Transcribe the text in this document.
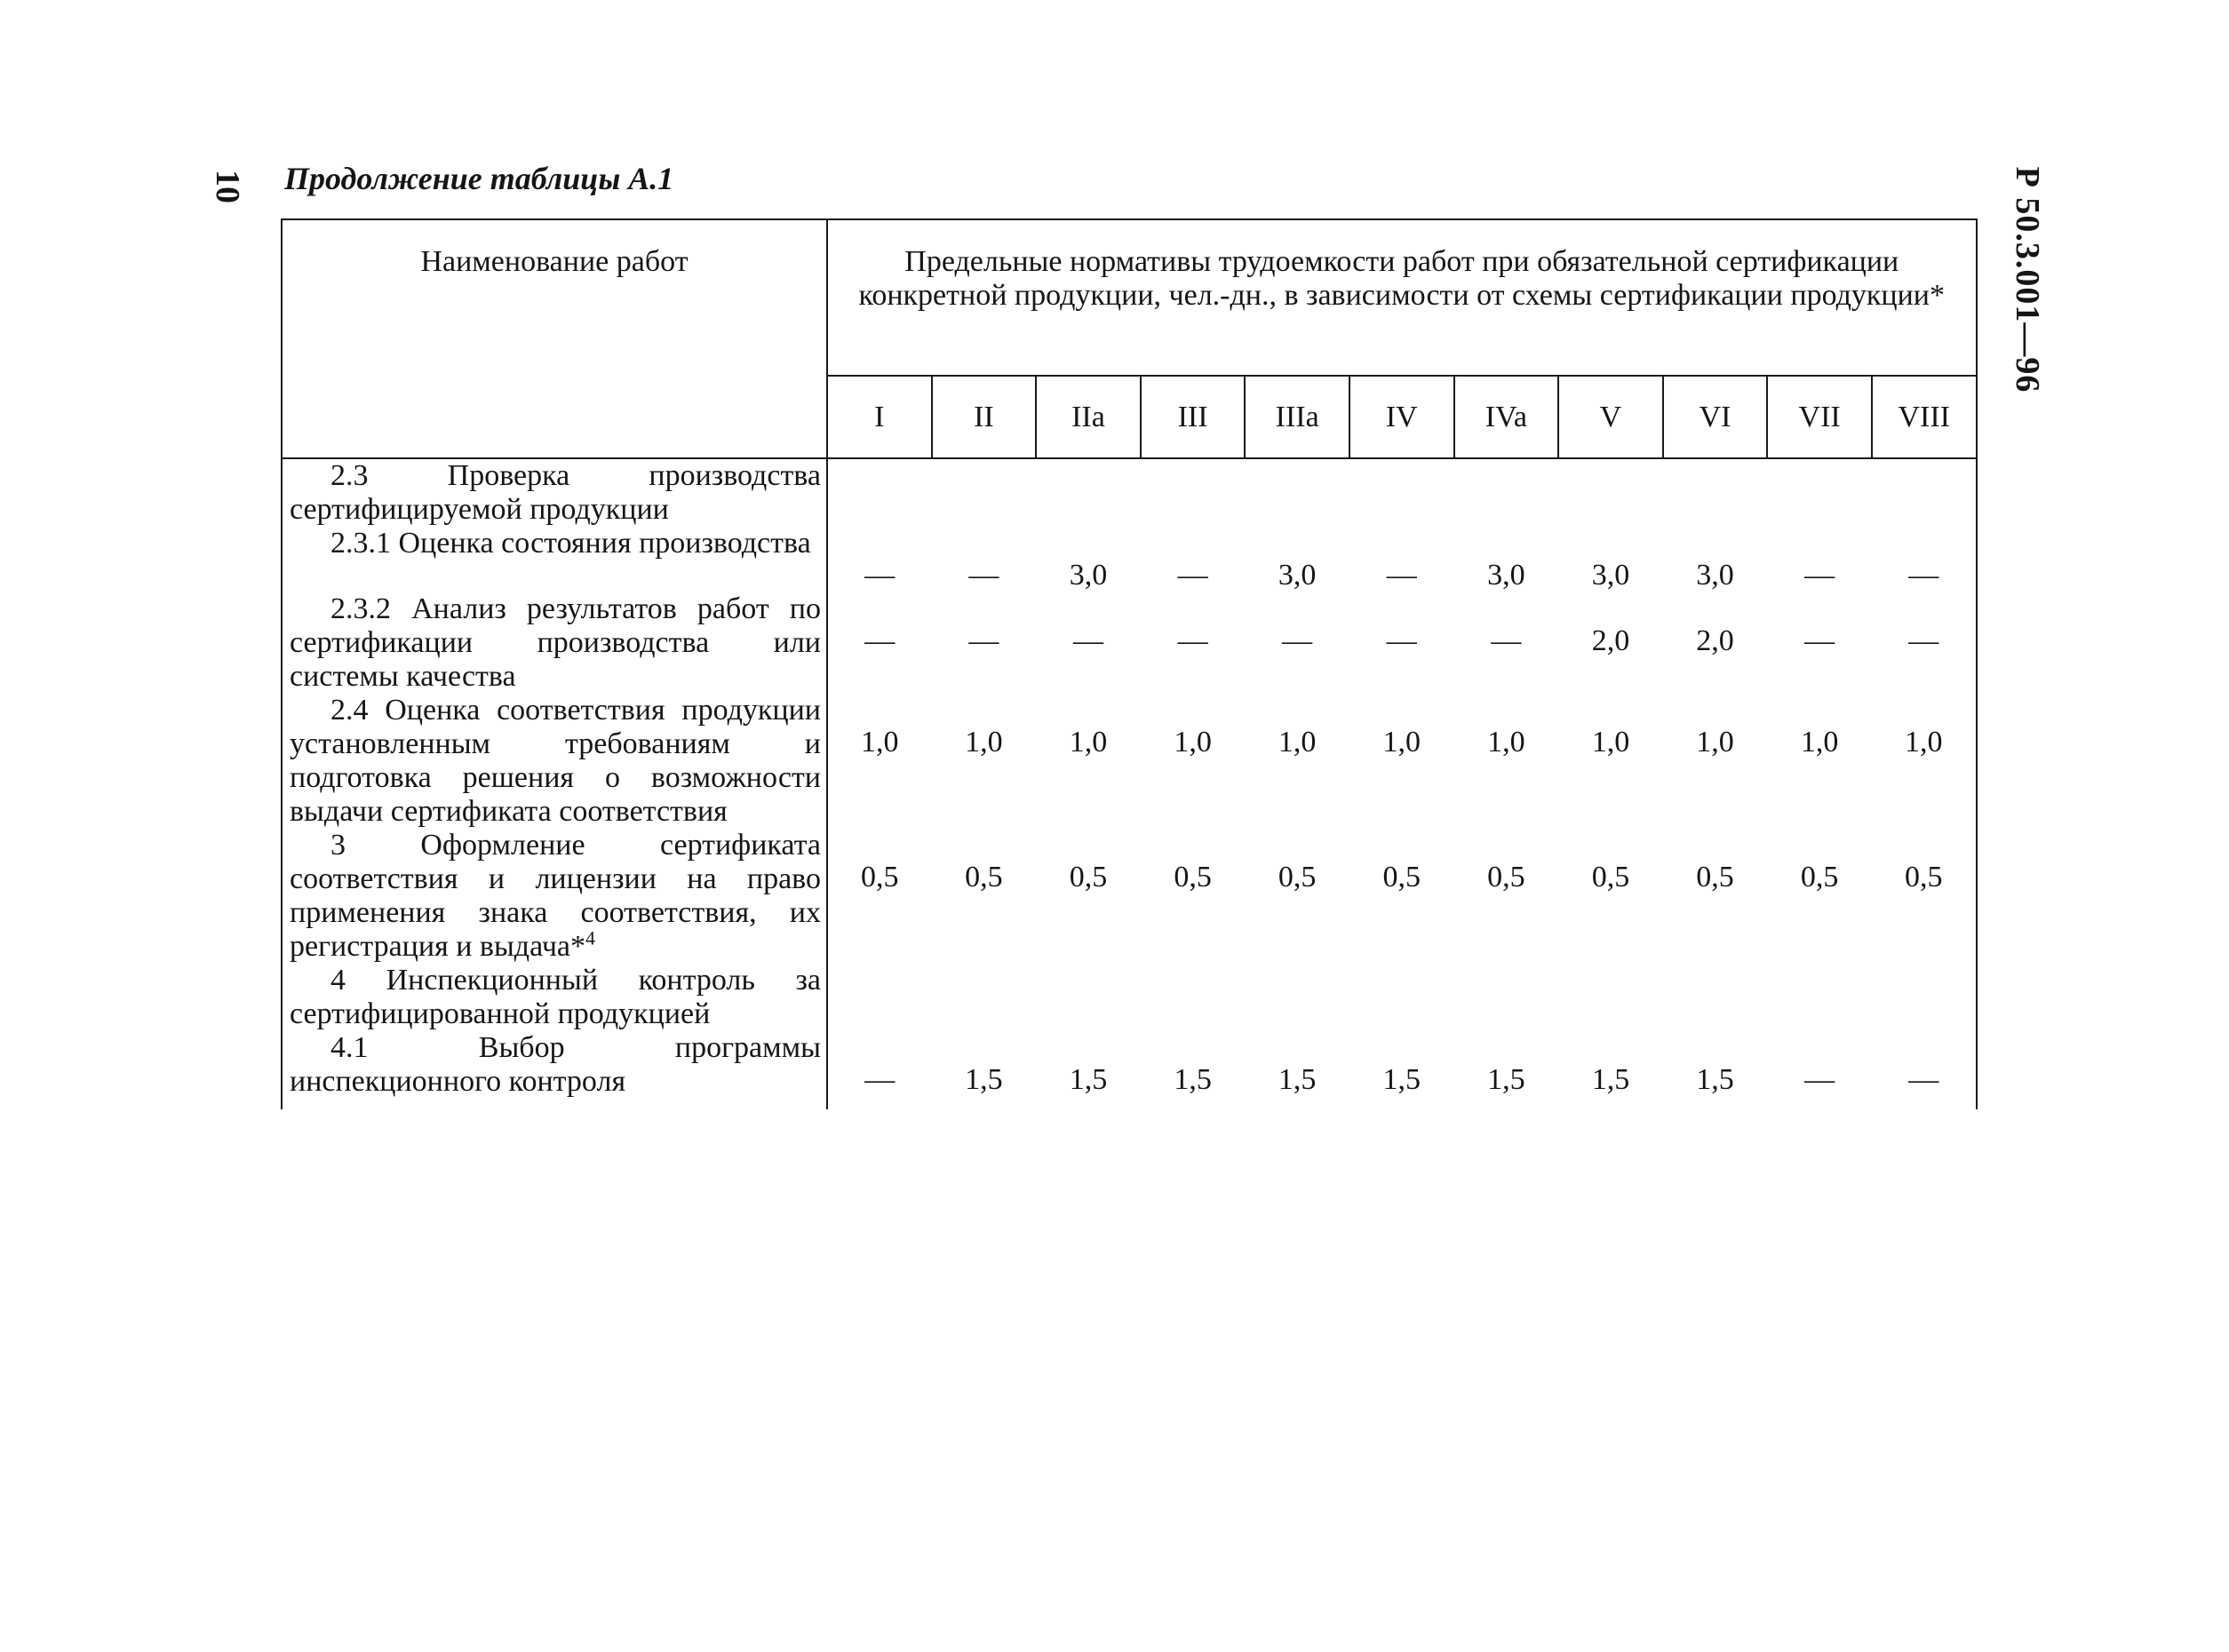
10	Р 50.3.001—96
Продолжение таблицы А.1
Наименование работ	Предельные нормативы трудоемкости работ при обязательной сертификации конкретной продукции, чел.-дн., в зависимости от схемы сертификации продукции*										
	I	II	IIa	III	IIIa	IV	IVa	V	VI	VII	VIII

2.3 Проверка производства сертифицируемой продукции											

2.3.1 Оценка состояния производства	—	—	3,0	—	3,0	—	3,0	3,0	3,0	—	—

2.3.2 Анализ результатов работ по сертификации производства или системы качества	—	—	—	—	—	—	—	2,0	2,0	—	—

2.4 Оценка соответствия продукции установленным требованиям и подготовка решения о возможности выдачи сертификата соответствия	1,0	1,0	1,0	1,0	1,0	1,0	1,0	1,0	1,0	1,0	1,0

3 Оформление сертификата соответствия и лицензии на право применения знака соответствия, их регистрация и выдача*$^4$	0,5	0,5	0,5	0,5	0,5	0,5	0,5	0,5	0,5	0,5	0,5

4 Инспекционный контроль за сертифицированной продукцией											

4.1 Выбор программы инспекционного контроля	—	1,5	1,5	1,5	1,5	1,5	1,5	1,5	1,5	—	—
